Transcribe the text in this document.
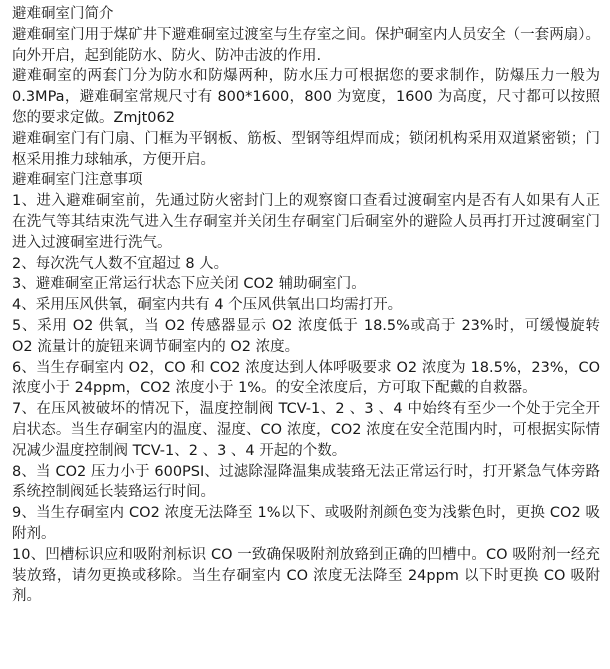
避难硐室门简介

避难硐室门用于煤矿井下避难硐室过渡室与生存室之间。保护硐室内人员安全（一套两扇）。向外开启，起到能防水、防火、防冲击波的作用.

避难硐室的两套门分为防水和防爆两种，防水压力可根据您的要求制作，防爆压力一般为 0.3MPa，避难硐室常规尺寸有 800*1600，800 为宽度，1600 为高度，尺寸都可以按照您的要求定做。Zmjt062

避难硐室门有门扇、门框为平钢板、筋板、型钢等组焊而成；锁闭机构采用双道紧密锁；门枢采用推力球轴承，方便开启。

避难硐室门注意事项

1、进入避难硐室前，先通过防火密封门上的观察窗口查看过渡硐室内是否有人如果有人正在洗气等其结束洗气进入生存硐室并关闭生存硐室门后硐室外的避险人员再打开过渡硐室门进入过渡硐室进行洗气。

2、每次洗气人数不宜超过 8 人。

3、避难硐室正常运行状态下应关闭 CO2 辅助硐室门。

4、采用压风供氧，硐室内共有 4 个压风供氧出口均需打开。

5、采用 O2 供氧，当 O2 传感器显示 O2 浓度低于 18.5%或高于 23%时，可缓慢旋转 O2 流量计的旋钮来调节硐室内的 O2 浓度。

6、当生存硐室内 O2，CO 和 CO2 浓度达到人体呼吸要求 O2 浓度为 18.5%，23%，CO 浓度小于 24ppm，CO2 浓度小于 1%。的安全浓度后，方可取下配戴的自救器。

7、在压风被破坏的情况下，温度控制阀 TCV-1、2 、3 、4 中始终有至少一个处于完全开启状态。当生存硐室内的温度、湿度、CO 浓度，CO2 浓度在安全范围内时，可根据实际情况减少温度控制阀 TCV-1、2 、3 、4 开起的个数。

8、当 CO2 压力小于 600PSI、过滤除湿降温集成装臵无法正常运行时，打开紧急气体旁路系统控制阀延长装臵运行时间。

9、当生存硐室内 CO2 浓度无法降至 1%以下、或吸附剂颜色变为浅紫色时，更换 CO2 吸附剂。

10、凹槽标识应和吸附剂标识 CO 一致确保吸附剂放臵到正确的凹槽中。CO 吸附剂一经充装放臵，请勿更换或移除。当生存硐室内 CO 浓度无法降至 24ppm 以下时更换 CO 吸附剂。
